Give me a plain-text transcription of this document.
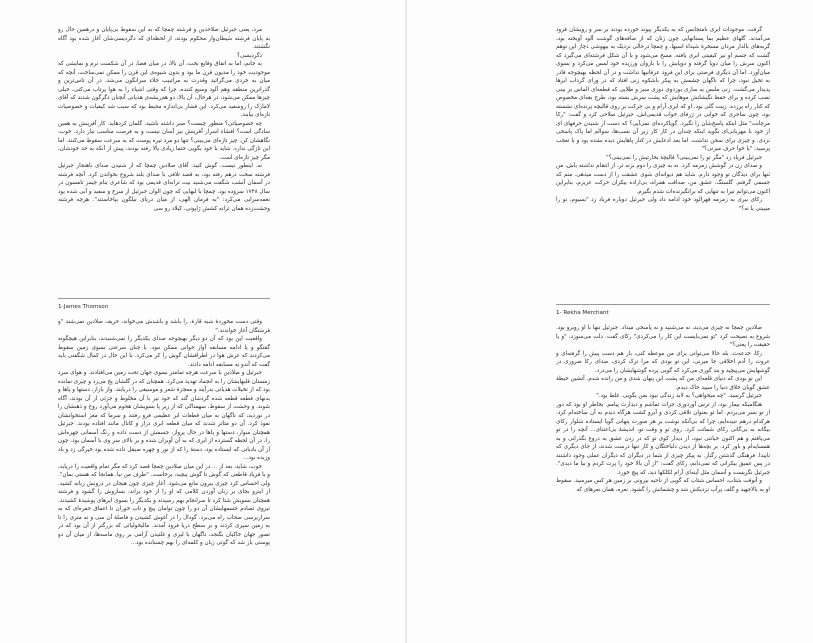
مرد، یعنی جبرئیل صلاحدین و فرشته چمچا که به این سقوط بی‌پایان و درهمین حال رو به پایان فرشته شیطان‌وار محکوم بودند، از لحظه‌ای که دگردیسی‌شان آغاز شده بود آگاه نگشتند.

دگردیسی؟

به جانم، اما به اتفاق وقایع بخت، آن بالا، در میان فضا، در آن شکست نرم و نمایشی که موجودیت خود را مدیون قرن ما بود و بدون شیوه‌ی این قرن را ممکن نمی‌ساخت، آنچه که میان به خردی می‌گرائید وقدرت به مراتبیب خلاء سرانگون می‌شد، در آن تاس‌ترین و گذراترین منطقه وهم آلود وسیع کننده، چرا که وقتی اشیاء را به هوا پرتاب می‌کنی، خیلی چیزها ممکن می‌شود، در هرحال، آن بالا، دو هم‌ریشه‌ی هذیانی آنچنان دگرگون شدند که آقای لامارک را روسفید می‌کرد. این فشار بی‌اندازه محیط بود که سبب شد کیفیات و خصوصیات تازه‌ای بیابند.

چه خصوصیاتی؟ منظور چیست؟ صبر داشته باشید. گلمان کردهاید. کار آفرینش به همین سادگی است؟ افشاء اسرار آفرینش نیز آسان نیست و به فرصت مناسب نیاز دارد. خوب، نگاهشان کن. چیز تازه‌ای می‌بینی؟ تنها دو مرد تیره پوست که به سرعت سقوط می‌کنند. اما این تازگی ندارد. شاید با خود بگویی حتما زیادی بالا رفته بودند، پیش از آنکه به حد خودشان، مگر چیز تازه‌ای است.

نه. اینطور نیست. گوش کنید: آقای صلادین چمچا که از شنیدن صدای ناهنجار جبرئیل فرشته سخت درهم رفته بود، به قصد تلافی با صدای بلند شروع بخواندن کرد. آنچه فرشته در آسمان آنشب شگفت می‌شنید بیت ترانه‌ای قدیمی بود که شاعری بنام جیمز تامسون در سال ۱۷۴۸ سروده بود. چمچا با لبهایی که چون الوان جبرئیل از سرخ و سفید و آبی شده بود نغمه‌سرایی می‌کرد: "به فرمان الهی، از میان دریای نیلگون بپاخاستند". هرچه فرشته وحشت‌زده همان ترانه کشش ژاپونی، کیلاد رو سی

1-James Thomson

وقتی دست مخوردهٔ شبه قارهٔ، را باشد و باشدش می‌خواند، حریف صلادین نمی‌شند "و فرشتگان آغاز خواندند."

واقعیت این بود که آن دو دیگر بهیچوجه صدای یکدیگر را نمی‌شنیدند، بنابراین هیچگونه گفتگو و یا ادامه مسابقه آواز خوانی ممکن نبود. با چنان سرعتی بسوی زمین سقوط می‌کردند که غرش هوا در اطرافشان گوش را کر می‌کرد. با این حال در کمال شگفتی باید گفت که آندو به مسابقه ادامه دادند.

جبرئیل و صلادین با سرعت هرچه تمامتر بسوی جهان تحت زمین می‌افتادند. و هوای سرد زمستان قلبهایشان را به انجماد تهدید می‌کرد. همچنان که در گلشان پخ می‌زد و چیزی نمانده بود که از تخیلات هذیانی بدرآیند و معجزهٔ شعر و موسیقی را دریابند. واز بازار، دستها و پاها و بدنهای قطعه قطعه شده گردشان گند که خود نیز با آن مخلوط و جزئی از آن بودند، آگاه شوند. و وحشت از سقوط، سهمناکی که از زیر پا بسویشان هجوم می‌آورد روح و ذهنشان را در نوردید، که ناگهان به میان قطعات ابر عظیمی فرو رفتند و سرما که مغز استخوانشان نفوذ کرد. آن دو متاثر شدند که میان قطعه ابری دراز و کانال مانند افتاده بودند. جبرئیل همچنان سوار، دستها و پاها در حال پرواز، جسمش از دست داده و رنگ آسمانی چهره‌اش را، در آن لحظه گسترده از ابری که به آن آویزان شده و بر بالای سر وی با آسمان بود. چون از آن بادبانی که ایستاده بود، دستهٔ را که از نور و چهره صیقل داده شده بود خیرگی زد و باد وزیده بود...

خوب، شاید، بعد از ... در این میان صلادین چمچا قصد کرد که مگر تمام واقعیت را دریابد، و با فریاد قاطعی که گوش تا گوش پیچید، برخاست. "طرف من نیا. همانجا که هستی بمان". ولی احساس کرد چیزی بیرون مانع می‌شود. آغاز چیزی چون هیجان در درونش زبانه کشید. از اینرو بجای بر زبان آوردن کلامی که او را از خود براند، بسازوش را گشود و فرشته همچنان بسویش شتا کرد تا سرانجام بهم رسیدند و یکدیگر را بسوی ابرهای پوشیدهٔ کشیدند. نیروی تصادم جسمهایشان آن دو را چون توامان پیچ و تاب خوران تا اعماق حفره‌ای که به سرازیرسی صحاب راه می‌برد. گودال را در آغوش کشیدن و فاصلهٔ آن سی و نه متری را تا به زمین سپری کردند و بر سطح دریا فرود آمدند. مالیخولیائی که بزرگتر از آن بود که در تصور جهان خاکیان بگنجد، ناگهان با لیزی و غلتیدن آرامی بر روی ماسه‌ها، از میان آن دو پوستی باز شد که گوئی زبان و کلمه‌ای را بهم چسبانده بود...

گرفت. موجودات ابری نامتجانس که به یکدیگر پیوند خورده بودند بر سر و رویشان فرود می‌آمدند. گلهای عظیم بما پستانهایی چون زنان که از صافه‌های گوشت آلود آویخته بود، گربه‌های بالدار مردان مسخرهٔ شیداء اسبها، و چمچا درحالی نزدیک به بیهوشی دچار این توهم گشت که جسم او نیز کیفیتی ابری یافته، مسخ می‌شود و با آن شکل فرشته‌ای می‌گیرد که اکنون سرش را میان دوپا گرفته و دوپایش را با بازوان ورزیده خود لمس می‌کرد و بسوی میان‌آورد. اما آن دیگری فرصتی برای این فرود عرفانیها نداشت و در آن لحظه بهیچوجه قادر به تخیل نبود، چرا که ناگهان چشمش به پیکر باشکوه زنی افتاد که در ورای گرداب ابرها پدیدار می‌گشت. زنی ملبس به ساری بوزدوی دوزی سبز و طلایی که قطعه‌ای الماس بر بینی نصب کرده و برای حفظ نگیشانش موهایش که پشت سرش بسته بود، طرح بقه‌ای مخصوص که کنار راه پرزده. زینت گلی بود، او که ابری آرام و بی حرکت بر روی قالیچه پرنده‌ای نشسته بود، چون ساحری که خوابی در ژرفای خواب قدیمی‌اش، جبرئیل صلاحی کرد و گفت: "رکا مرچانت" مثل اینکه پاسخ‌شان را نگیرد. گویاکرده‌ای نمی‌آیی؟ که دست از شنیدن حرفهای ای از خود با مهربانی‌ای بگوید اینکه چندان در کار کار زیر آن نسب‌ها، سوالم اما پاک پاسخی نزدی. و چیزی برای سخن نداشت. اما بعد ادعایش در کنار پاهایش دیده نشده بود و با تعجب پرسید: "یا خوا حرف میزنی؟"

جبرئیل فریاد زد "مگر تو را نمی‌بینی؟ قالیچهٔ بخارتیش را نمی‌بینی؟"

و صدای زن در گوشش زمزمه کرد. نه به چیزی را دوم بزنه تر، از انتقام نداشته باش، من تنها برای دیدگان تو وجود دارم. شاید هم دیوانه‌ای شوی عشقت را از دست میدهی. منم که جسمی گرفتم. گلستگ، عشق من، صداقت همراه، بی‌اراده بیکران حرکت عزیزم، بنابراین اکنون می‌توانم تیرا به تنهایی که برانگیزنده‌ات شدم بگیرم.

رکای بیری به زمزمه قهرالود خود ادامه داد ولی جبرئیل دوباره فریاد زد "بسیوم، تو را میبینی یا نه؟"

1- Rekha Merchant

صلادین چمچا نه چیزی می‌دید، نه می‌شنید و نه پاسخی میداد. جبرئیل تنها با او روبرو بود. شروع به نصیحت کرد "تو نمی‌بایست این کار را می‌کردی" رکای گفت. دلت می‌سوزد، "و یا حقیقت را یعنی؟"

رکا، خدعه‌ت، بله حالا می‌توانی برای من موعظه کنی، بار هم دست پیش را گرفته‌ای و عروت را آدم اخلاقی جا میزنی، این تو بودی که مرا ترک کردی، صدای رکا ضروری در گوشهایش می‌پیچید و بند گوری می‌کرد که گویی پرده گوشهایشان را می‌درد.

این تو بودی که دنیای قلعه‌ای من که پشت این پنهان شدی و من رانده شدم. آتشین حیطهٔ عشق گویان خلاق دنیا را سپید خاک دیدم.

جبرئیل گرسید. "چه میخواهی؟ به لابد زندگی نبود بمن بگویی. غلط بود."

هنگامیکه بیمار بود، از ترس آوردوری جرات تماشم و دیدارت پیامم. بخاطر او بود که دور از تو بسر می‌بردم. اما تو بعنوان تلافی کردی و آبرو کشت هرگاه دیدم به آن ساخته‌ام کرد. هرکدام درهم تنیده‌ایم، چرا که بی‌آنکه نوشت بر هر صورت پنهانی گویا ایستاده شلوار رکای بیگانه به بی‌گانی رکای شماتت کرد. روی تو و وقت تو، اندیشهٔ بی‌اعتنای... آنچه را در تو می‌یافتم و هم اکنون خیانتی نبود، از دیدار کوی تو که در زدن عشق به دروغ بگذرانی و به همسایه‌ام و باور کرد. بر بچه‌ها از دیدن دلباختگان و کار تنها درست شدند، از جای دیگری که ناپیدا. فرهنگی گذشتن رگبار. به پیکر چیزی از شما در دیگران که دیگران عملی وجود داشتند در پس عمیق بیکرانی که نمی‌دانم، رکای گفت: "از آن بالا خود را پرت کردم و بیا ما دیدی". جبرئیل نگریست و آسمان مثل آینه‌ای آرام لکلکها دید، که پیچ خورد.

و آنوقت شتاب، احساس شتاب که گویی از ناحیه بیرونی بر زمین هر کس میرسید. سقوط او به بالاجهید و گلف پرآب نزدیکش شد و چشمانش را گشود. نعره، همان نعرهای که
